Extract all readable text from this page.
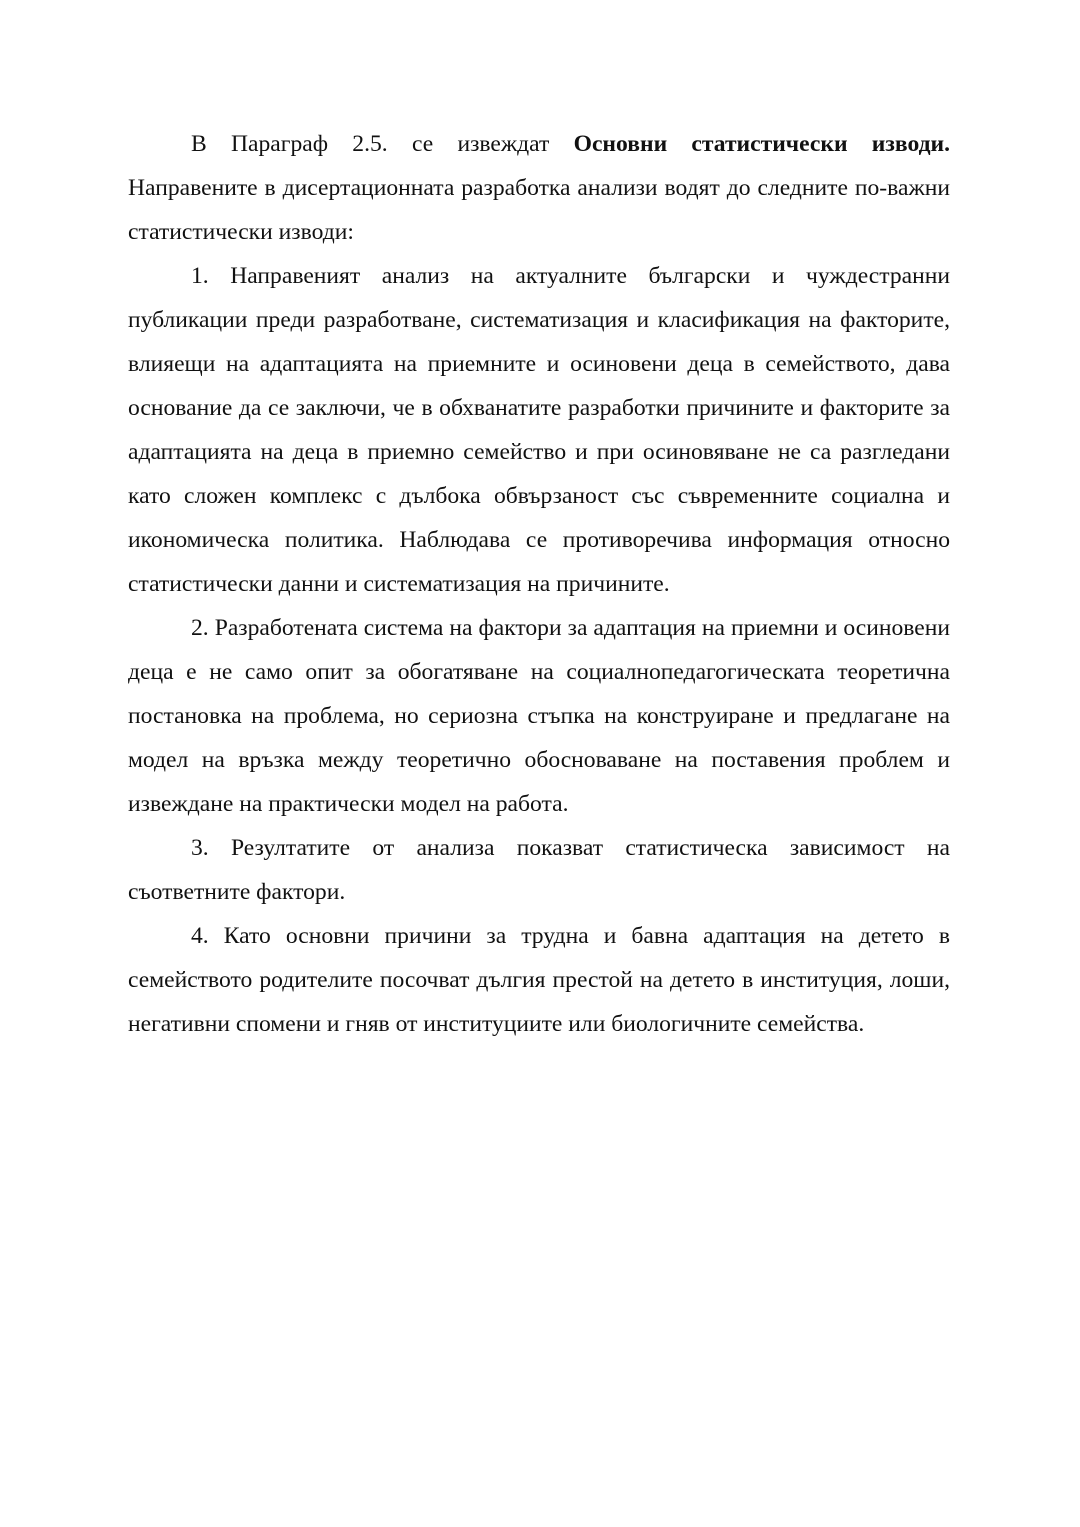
В Параграф 2.5. се извеждат Основни статистически изводи. Направените в дисертационната разработка анализи водят до следните по-важни статистически изводи:

1. Направеният анализ на актуалните български и чуждестранни публикации преди разработване, систематизация и класификация на факторите, влияещи на адаптацията на приемните и осиновени деца в семейството, дава основание да се заключи, че в обхванатите разработки причините и факторите за адаптацията на деца в приемно семейство и при осиновяване не са разгледани като сложен комплекс с дълбока обвързаност със съвременните социална и икономическа политика. Наблюдава се противоречива информация относно статистически данни и систематизация на причините.

2. Разработената система на фактори за адаптация на приемни и осиновени деца е не само опит за обогатяване на социалнопедагогическата теоретична постановка на проблема, но сериозна стъпка на конструиране и предлагане на модел на връзка между теоретично обосноваване на поставения проблем и извеждане на практически модел на работа.

3. Резултатите от анализа показват статистическа зависимост на съответните фактори.

4. Като основни причини за трудна и бавна адаптация на детето в семейството родителите посочват дългия престой на детето в институция, лоши, негативни спомени и гняв от институциите или биологичните семейства.
